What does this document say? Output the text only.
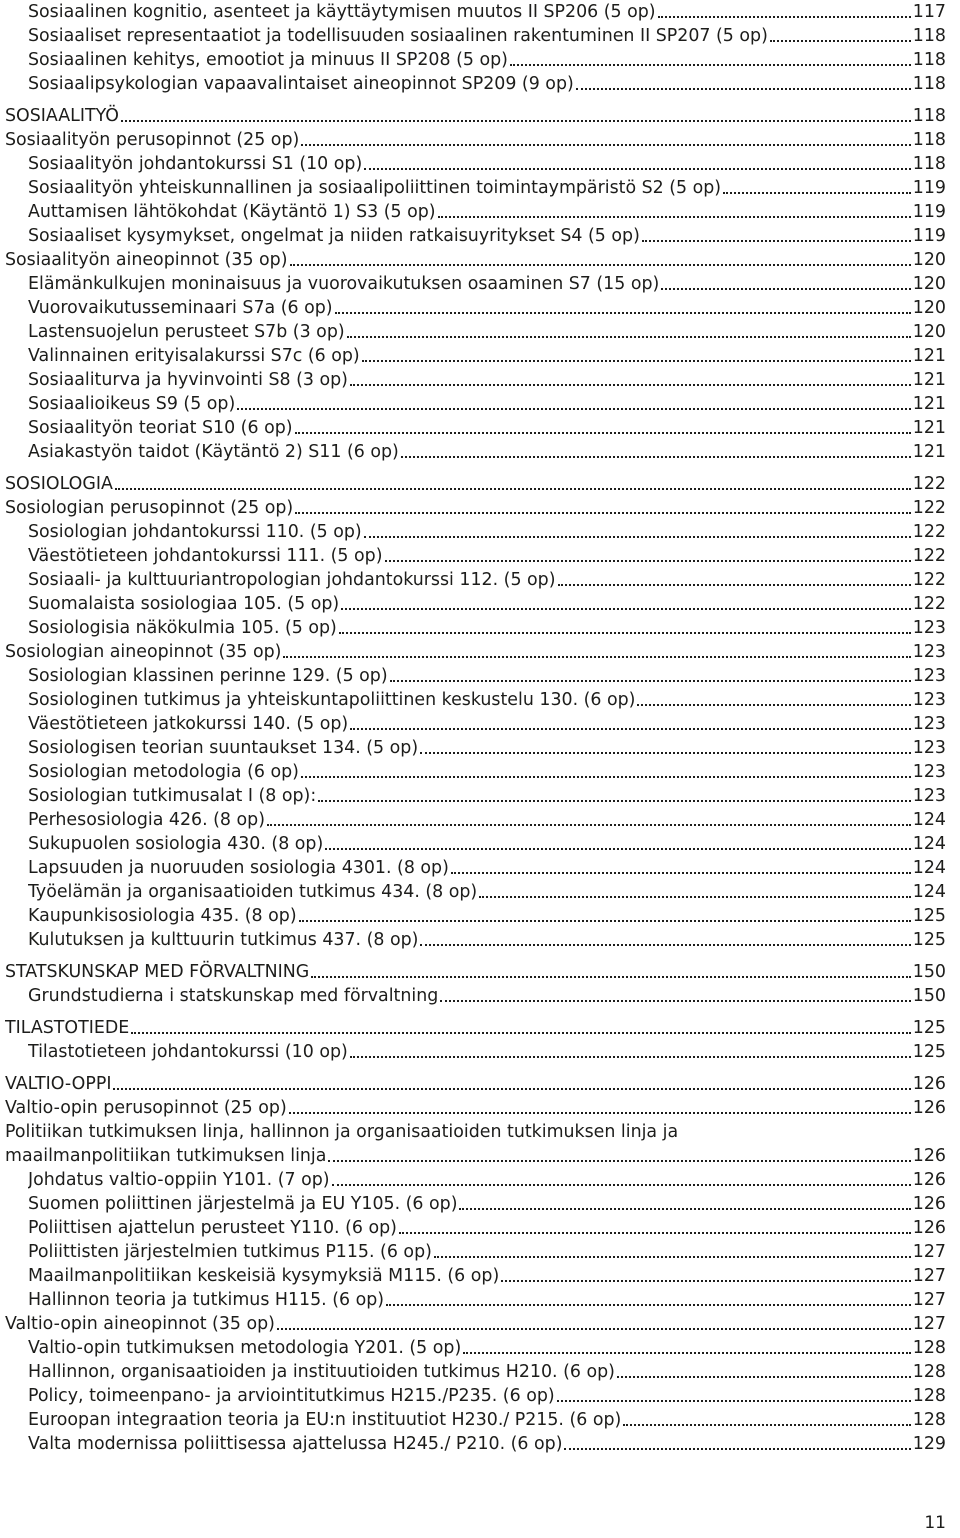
Sosiaalinen kognitio, asenteet ja käyttäytymisen muutos II SP206 (5 op)	117
Sosiaaliset representaatiot ja todellisuuden sosiaalinen rakentuminen II SP207 (5 op)	118
Sosiaalinen kehitys, emootiot ja minuus II SP208 (5 op)	118
Sosiaalipsykologian vapaavalintaiset aineopinnot SP209 (9 op)	118
SOSIAALITYÖ	118
Sosiaalityön perusopinnot (25 op)	118
Sosiaalityön johdantokurssi S1 (10 op)	118
Sosiaalityön yhteiskunnallinen ja sosiaalipoliittinen toimintaympäristö S2 (5 op)	119
Auttamisen lähtökohdat (Käytäntö 1) S3 (5 op)	119
Sosiaaliset kysymykset, ongelmat ja niiden ratkaisuyritykset S4 (5 op)	119
Sosiaalityön aineopinnot (35 op)	120
Elämänkulkujen moninaisuus ja vuorovaikutuksen osaaminen S7 (15 op)	120
Vuorovaikutusseminaari S7a (6 op)	120
Lastensuojelun perusteet S7b (3 op)	120
Valinnainen erityisalakurssi S7c (6 op)	121
Sosiaaliturva ja hyvinvointi S8 (3 op)	121
Sosiaalioikeus S9 (5 op)	121
Sosiaalityön teoriat S10 (6 op)	121
Asiakastyön taidot (Käytäntö 2) S11 (6 op)	121
SOSIOLOGIA	122
Sosiologian perusopinnot (25 op)	122
Sosiologian johdantokurssi 110. (5 op)	122
Väestötieteen johdantokurssi 111. (5 op)	122
Sosiaali- ja kulttuuriantropologian johdantokurssi 112. (5 op)	122
Suomalaista sosiologiaa 105. (5 op)	122
Sosiologisia näkökulmia 105. (5 op)	123
Sosiologian aineopinnot (35 op)	123
Sosiologian klassinen perinne 129. (5 op)	123
Sosiologinen tutkimus ja yhteiskuntapoliittinen keskustelu 130. (6 op)	123
Väestötieteen jatkokurssi 140. (5 op)	123
Sosiologisen teorian suuntaukset 134. (5 op)	123
Sosiologian metodologia (6 op)	123
Sosiologian tutkimusalat I (8 op):	123
Perhesosiologia 426. (8 op)	124
Sukupuolen sosiologia 430. (8 op)	124
Lapsuuden ja nuoruuden sosiologia 4301. (8 op)	124
Työelämän ja organisaatioiden tutkimus 434. (8 op)	124
Kaupunkisosiologia 435. (8 op)	125
Kulutuksen ja kulttuurin tutkimus 437. (8 op)	125
STATSKUNSKAP MED FÖRVALTNING	150
Grundstudierna i statskunskap med förvaltning	150
TILASTOTIEDE	125
Tilastotieteen johdantokurssi (10 op)	125
VALTIO-OPPI	126
Valtio-opin perusopinnot (25 op)	126
Politiikan tutkimuksen linja, hallinnon ja organisaatioiden tutkimuksen linja ja
maailmanpolitiikan tutkimuksen linja	126
Johdatus valtio-oppiin Y101. (7 op)	126
Suomen poliittinen järjestelmä ja EU Y105. (6 op)	126
Poliittisen ajattelun perusteet Y110. (6 op)	126
Poliittisten järjestelmien tutkimus P115. (6 op)	127
Maailmanpolitiikan keskeisiä kysymyksiä M115. (6 op)	127
Hallinnon teoria ja tutkimus H115. (6 op)	127
Valtio-opin aineopinnot (35 op)	127
Valtio-opin tutkimuksen metodologia Y201. (5 op)	128
Hallinnon, organisaatioiden ja instituutioiden tutkimus H210. (6 op)	128
Policy, toimeenpano- ja arviointitutkimus H215./P235. (6 op)	128
Euroopan integraation teoria ja EU:n instituutiot H230./ P215. (6 op)	128
Valta modernissa poliittisessa ajattelussa H245./ P210. (6 op)	129
11
